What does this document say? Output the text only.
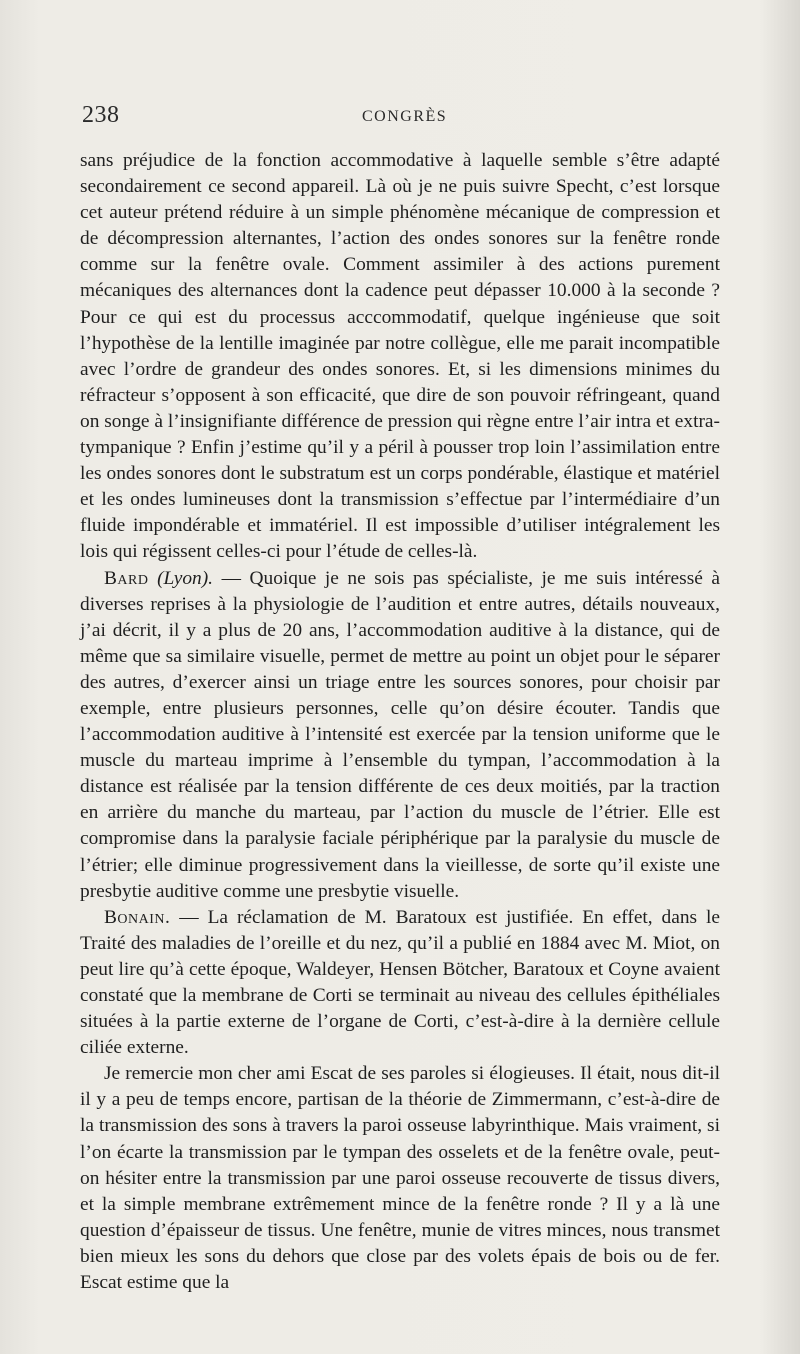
238	CONGRÈS

sans préjudice de la fonction accommodative à laquelle semble s’être adapté secondairement ce second appareil. Là où je ne puis suivre Specht, c’est lorsque cet auteur prétend réduire à un simple phénomène mécanique de compression et de décompression alternantes, l’action des ondes sonores sur la fenêtre ronde comme sur la fenêtre ovale. Comment assimiler à des actions purement mécaniques des alternances dont la cadence peut dépasser 10.000 à la seconde ? Pour ce qui est du processus acccommodatif, quelque ingénieuse que soit l’hypothèse de la lentille imaginée par notre collègue, elle me parait incompatible avec l’ordre de grandeur des ondes sonores. Et, si les dimensions minimes du réfracteur s’opposent à son efficacité, que dire de son pouvoir réfringeant, quand on songe à l’insignifiante différence de pression qui règne entre l’air intra et extra-tympanique ? Enfin j’estime qu’il y a péril à pousser trop loin l’assimilation entre les ondes sonores dont le substratum est un corps pondérable, élastique et matériel et les ondes lumineuses dont la transmission s’effectue par l’intermédiaire d’un fluide impondérable et immatériel. Il est impossible d’utiliser intégralement les lois qui régissent celles-ci pour l’étude de celles-là.

Bard (Lyon). — Quoique je ne sois pas spécialiste, je me suis intéressé à diverses reprises à la physiologie de l’audition et entre autres, détails nouveaux, j’ai décrit, il y a plus de 20 ans, l’accommodation auditive à la distance, qui de même que sa similaire visuelle, permet de mettre au point un objet pour le séparer des autres, d’exercer ainsi un triage entre les sources sonores, pour choisir par exemple, entre plusieurs personnes, celle qu’on désire écouter. Tandis que l’accommodation auditive à l’intensité est exercée par la tension uniforme que le muscle du marteau imprime à l’ensemble du tympan, l’accommodation à la distance est réalisée par la tension différente de ces deux moitiés, par la traction en arrière du manche du marteau, par l’action du muscle de l’étrier. Elle est compromise dans la paralysie faciale périphérique par la paralysie du muscle de l’étrier; elle diminue progressivement dans la vieillesse, de sorte qu’il existe une presbytie auditive comme une presbytie visuelle.

Bonain. — La réclamation de M. Baratoux est justifiée. En effet, dans le Traité des maladies de l’oreille et du nez, qu’il a publié en 1884 avec M. Miot, on peut lire qu’à cette époque, Waldeyer, Hensen Bötcher, Baratoux et Coyne avaient constaté que la membrane de Corti se terminait au niveau des cellules épithéliales situées à la partie externe de l’organe de Corti, c’est-à-dire à la dernière cellule ciliée externe.

Je remercie mon cher ami Escat de ses paroles si élogieuses. Il était, nous dit-il il y a peu de temps encore, partisan de la théorie de Zimmermann, c’est-à-dire de la transmission des sons à travers la paroi osseuse labyrinthique. Mais vraiment, si l’on écarte la transmission par le tympan des osselets et de la fenêtre ovale, peut-on hésiter entre la transmission par une paroi osseuse recouverte de tissus divers, et la simple membrane extrêmement mince de la fenêtre ronde ? Il y a là une question d’épaisseur de tissus. Une fenêtre, munie de vitres minces, nous transmet bien mieux les sons du dehors que close par des volets épais de bois ou de fer. Escat estime que la
